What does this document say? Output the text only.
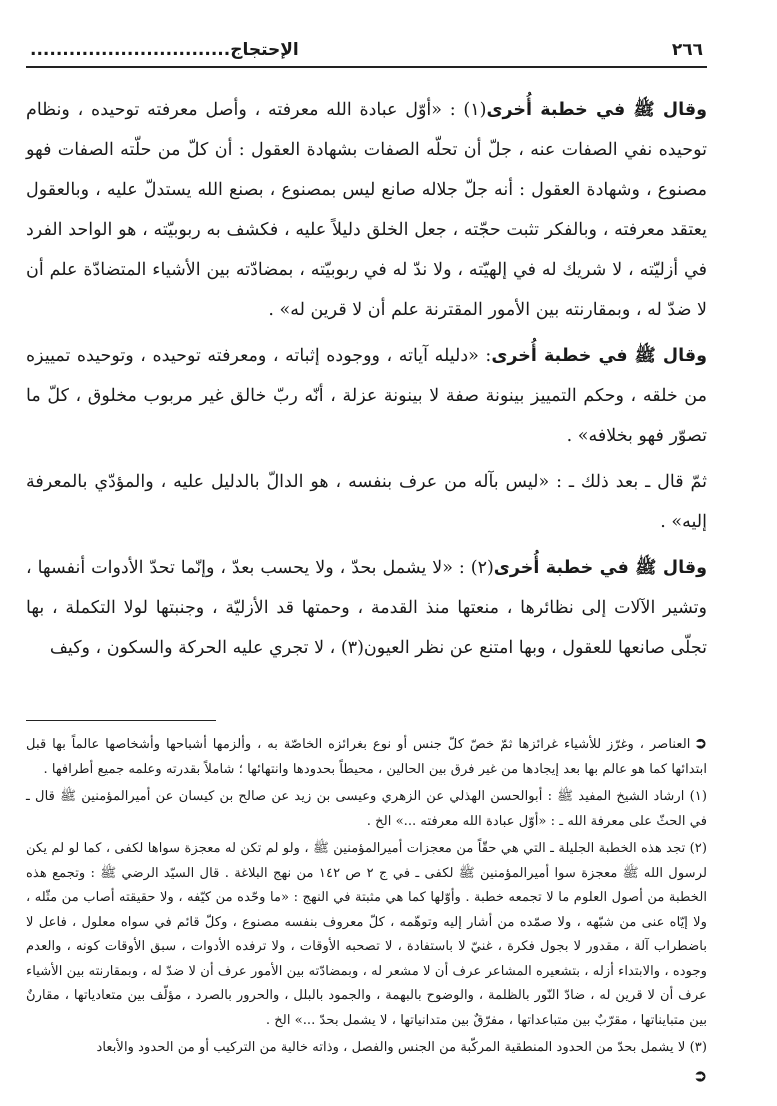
٢٦٦
الإحتجاج...............................

وقال ﷺ في خطبة أُخرى(١) : «أوّل عبادة الله معرفته ، وأصل معرفته توحيده ، ونظام توحيده نفي الصفات عنه ، جلّ أن تحلّه الصفات بشهادة العقول : أن كلّ من حلّته الصفات فهو مصنوع ، وشهادة العقول : أنه جلّ جلاله صانع ليس بمصنوع ، بصنع الله يستدلّ عليه ، وبالعقول يعتقد معرفته ، وبالفكر تثبت حجّته ، جعل الخلق دليلاً عليه ، فكشف به ربوبيّته ، هو الواحد الفرد في أزليّته ، لا شريك له في إلهيّته ، ولا ندّ له في ربوبيّته ، بمضادّته بين الأشياء المتضادّة علم أن لا ضدّ له ، وبمقارنته بين الأمور المقترنة علم أن لا قرين له» .

وقال ﷺ في خطبة أُخرى: «دليله آياته ، ووجوده إثباته ، ومعرفته توحيده ، وتوحيده تمييزه من خلقه ، وحكم التمييز بينونة صفة لا بينونة عزلة ، أنّه ربّ خالق غير مربوب مخلوق ، كلّ ما تصوّر فهو بخلافه» .

ثمّ قال ـ بعد ذلك ـ : «ليس بآله من عرف بنفسه ، هو الدالّ بالدليل عليه ، والمؤدّي بالمعرفة إليه» .

وقال ﷺ في خطبة أُخرى(٢) : «لا يشمل بحدّ ، ولا يحسب بعدّ ، وإنّما تحدّ الأدوات أنفسها ، وتشير الآلات إلى نظائرها ، منعتها منذ القدمة ، وحمتها قد الأزليّة ، وجنبتها لولا التكملة ، بها تجلّى صانعها للعقول ، وبها امتنع عن نظر العيون(٣) ، لا تجري عليه الحركة والسكون ، وكيف

➲العناصر ، وغرّز للأشياء غرائزها ثمّ خصّ كلّ جنس أو نوع بغرائزه الخاصّة به ، وألزمها أشباحها وأشخاصها عالماً بها قبل ابتدائها كما هو عالم بها بعد إيجادها من غير فرق بين الحالين ، محيطاً بحدودها وانتهائها ؛ شاملاً بقدرته وعلمه جميع أطرافها .

(١) ارشاد الشيخ المفيد ﷺ : أبوالحسن الهذلي عن الزهري وعيسى بن زيد عن صالح بن كيسان عن أميرالمؤمنين ﷺ قال ـ في الحثّ على معرفة الله ـ : «أوّل عبادة الله معرفته ...» الخ .

(٢) تجد هذه الخطبة الجليلة ـ التي هي حقّاً من معجزات أميرالمؤمنين ﷺ ، ولو لم تكن له معجزة سواها لكفى ، كما لو لم يكن لرسول الله ﷺ معجزة سوا أميرالمؤمنين ﷺ لكفى ـ في ج ٢ ص ١٤٢ من نهج البلاغة . قال السيّد الرضي ﷺ : وتجمع هذه الخطبة من أصول العلوم ما لا تجمعه خطبة . وأوّلها كما هي مثبتة في النهج : «ما وحّده من كيّفه ، ولا حقيقته أصاب من مثّله ، ولا إيّاه عنى من شبّهه ، ولا صمّده من أشار إليه وتوهّمه ، كلّ معروف بنفسه مصنوع ، وكلّ قائم في سواه معلول ، فاعل لا باضطراب آلة ، مقدور لا بجول فكرة ، غنيّ لا باستفادة ، لا تصحبه الأوقات ، ولا ترفده الأدوات ، سبق الأوقات كونه ، والعدم وجوده ، والابتداء أزله ، بتشعيره المشاعر عرف أن لا مشعر له ، وبمضادّته بين الأمور عرف أن لا ضدّ له ، وبمقارنته بين الأشياء عرف أن لا قرين له ، ضادّ النّور بالظلمة ، والوضوح بالبهمة ، والجمود بالبلل ، والحرور بالصرد ، مؤلّف بين متعادياتها ، مقارنٌ بين متبايناتها ، مقرّبٌ بين متباعداتها ، مفرّقٌ بين متدانياتها ، لا يشمل بحدّ ...» الخ .

(٣) لا يشمل بحدّ من الحدود المنطقية المركّبة من الجنس والفصل ، وذاته خالية من التركيب أو من الحدود والأبعاد

➲
